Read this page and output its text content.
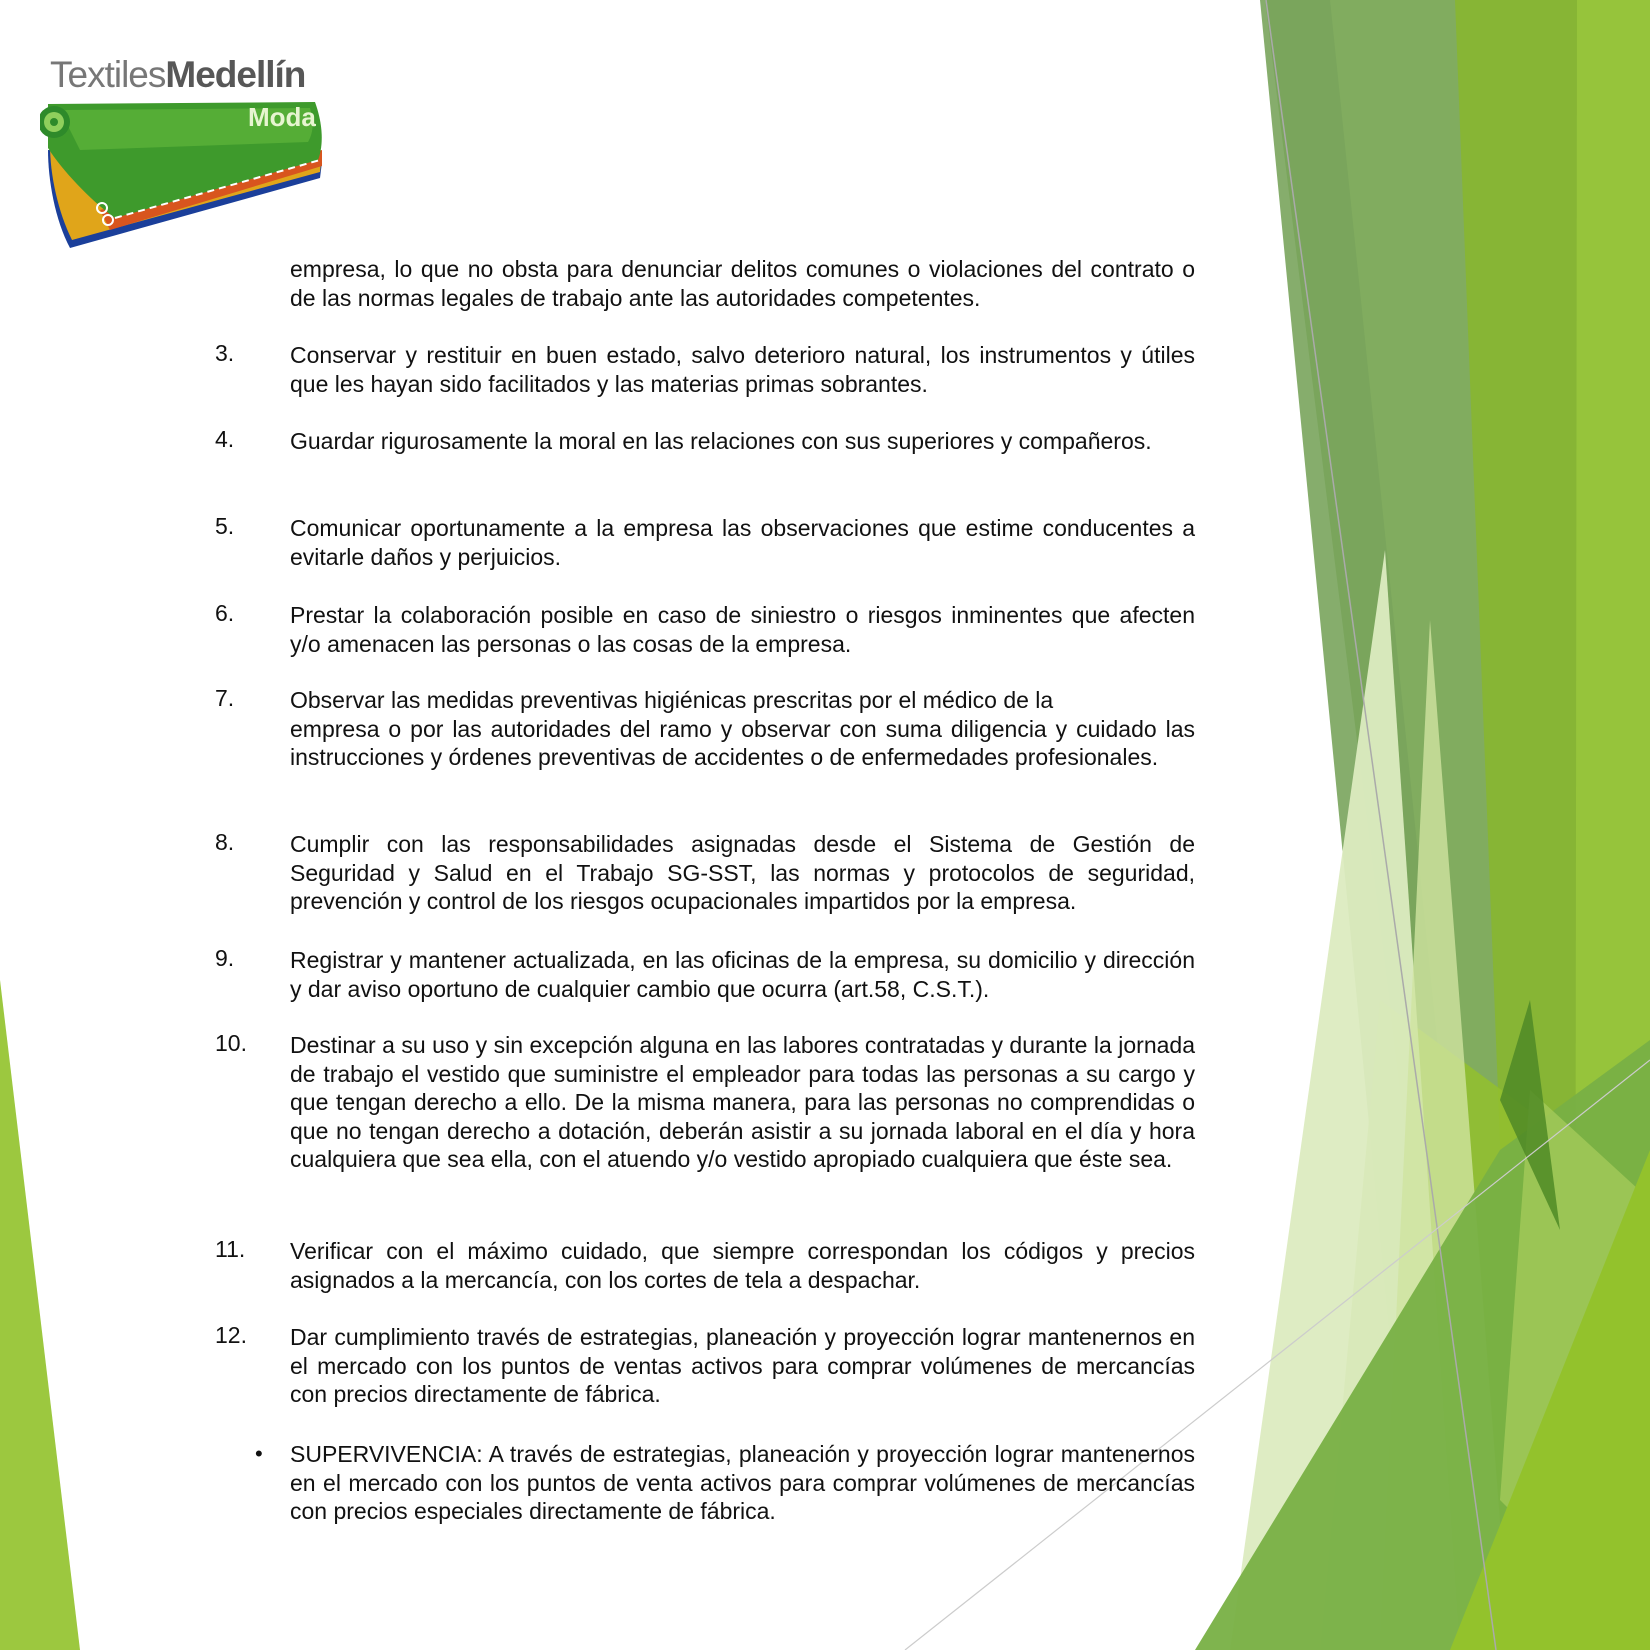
TextilesMedellín
Moda
empresa, lo que no obsta para denunciar delitos comunes o violaciones del contrato o de las normas legales de trabajo ante las autoridades competentes.
3.	Conservar y restituir en buen estado, salvo deterioro natural, los instrumentos y útiles que les hayan sido facilitados y las materias primas sobrantes.
4.	Guardar rigurosamente la moral en las relaciones con sus superiores y compañeros.
5.	Comunicar oportunamente a la empresa las observaciones que estime conducentes a evitarle daños y perjuicios.
6.	Prestar la colaboración posible en caso de siniestro o riesgos inminentes que afecten y/o amenacen las personas o las cosas de la empresa.
7.	Observar las medidas preventivas higiénicas prescritas por el médico de la
empresa o por las autoridades del ramo y observar con suma diligencia y cuidado las instrucciones y órdenes preventivas de accidentes o de enfermedades profesionales.
8.	Cumplir con las responsabilidades asignadas desde el Sistema de Gestión de Seguridad y Salud en el Trabajo SG-SST, las normas y protocolos de seguridad, prevención y control de los riesgos ocupacionales impartidos por la empresa.
9.	Registrar y mantener actualizada, en las oficinas de la empresa, su domicilio y dirección y dar aviso oportuno de cualquier cambio que ocurra (art.58, C.S.T.).
10.	Destinar a su uso y sin excepción alguna en las labores contratadas y durante la jornada de trabajo el vestido que suministre el empleador para todas las personas a su cargo y que tengan derecho a ello. De la misma manera, para las personas no comprendidas o que no tengan derecho a dotación, deberán asistir a su jornada laboral en el día y hora cualquiera que sea ella, con el atuendo y/o vestido apropiado cualquiera que éste sea.
11.	Verificar con el máximo cuidado, que siempre correspondan los códigos y precios asignados a la mercancía, con los cortes de tela a despachar.
12.	Dar cumplimiento través de estrategias, planeación y proyección lograr mantenernos en el mercado con los puntos de ventas activos para comprar volúmenes de mercancías con precios directamente de fábrica.
• SUPERVIVENCIA: A través de estrategias, planeación y proyección lograr mantenernos en el mercado con los puntos de venta activos para comprar volúmenes de mercancías con precios especiales directamente de fábrica.
